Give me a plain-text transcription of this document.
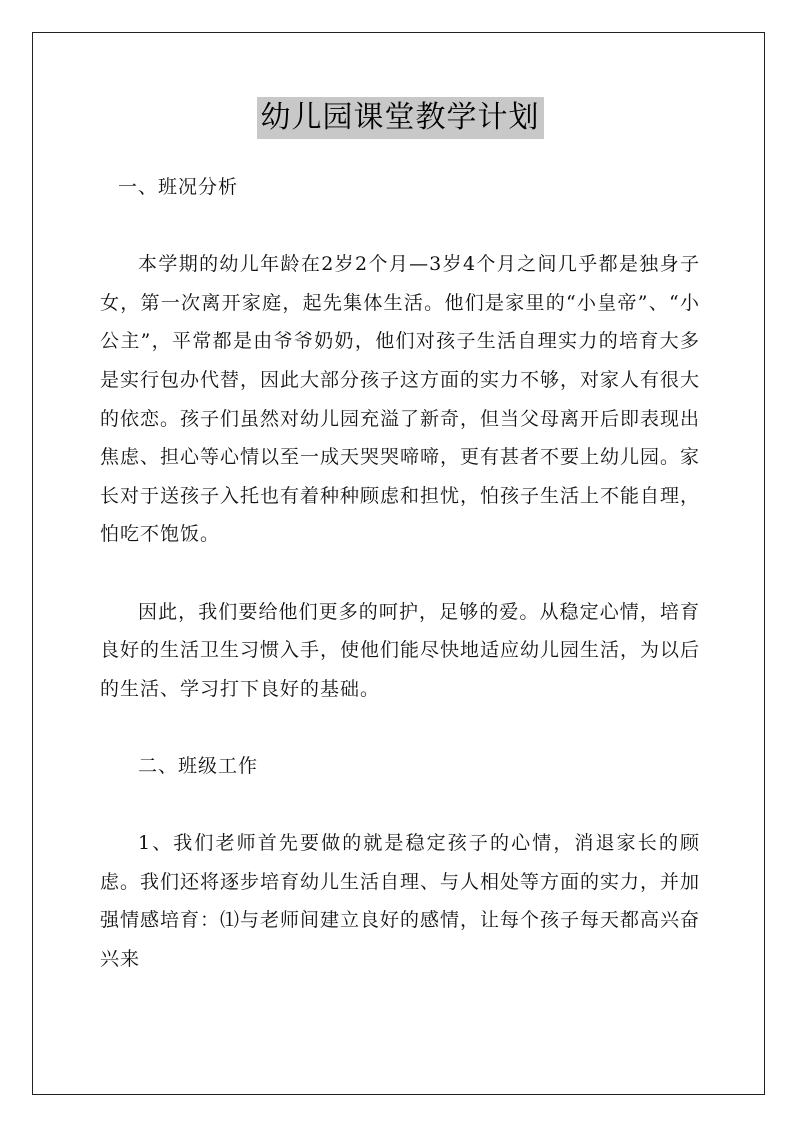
幼儿园课堂教学计划

一、班况分析

本学期的幼儿年龄在2岁2个月—3岁4个月之间几乎都是独身子女，第一次离开家庭，起先集体生活。他们是家里的“小皇帝”、“小公主”，平常都是由爷爷奶奶，他们对孩子生活自理实力的培育大多是实行包办代替，因此大部分孩子这方面的实力不够，对家人有很大的依恋。孩子们虽然对幼儿园充溢了新奇，但当父母离开后即表现出焦虑、担心等心情以至一成天哭哭啼啼，更有甚者不要上幼儿园。家长对于送孩子入托也有着种种顾虑和担忧，怕孩子生活上不能自理，怕吃不饱饭。

因此，我们要给他们更多的呵护，足够的爱。从稳定心情，培育良好的生活卫生习惯入手，使他们能尽快地适应幼儿园生活，为以后的生活、学习打下良好的基础。

二、班级工作

1、我们老师首先要做的就是稳定孩子的心情，消退家长的顾虑。我们还将逐步培育幼儿生活自理、与人相处等方面的实力，并加强情感培育：⑴与老师间建立良好的感情，让每个孩子每天都高兴奋兴来
